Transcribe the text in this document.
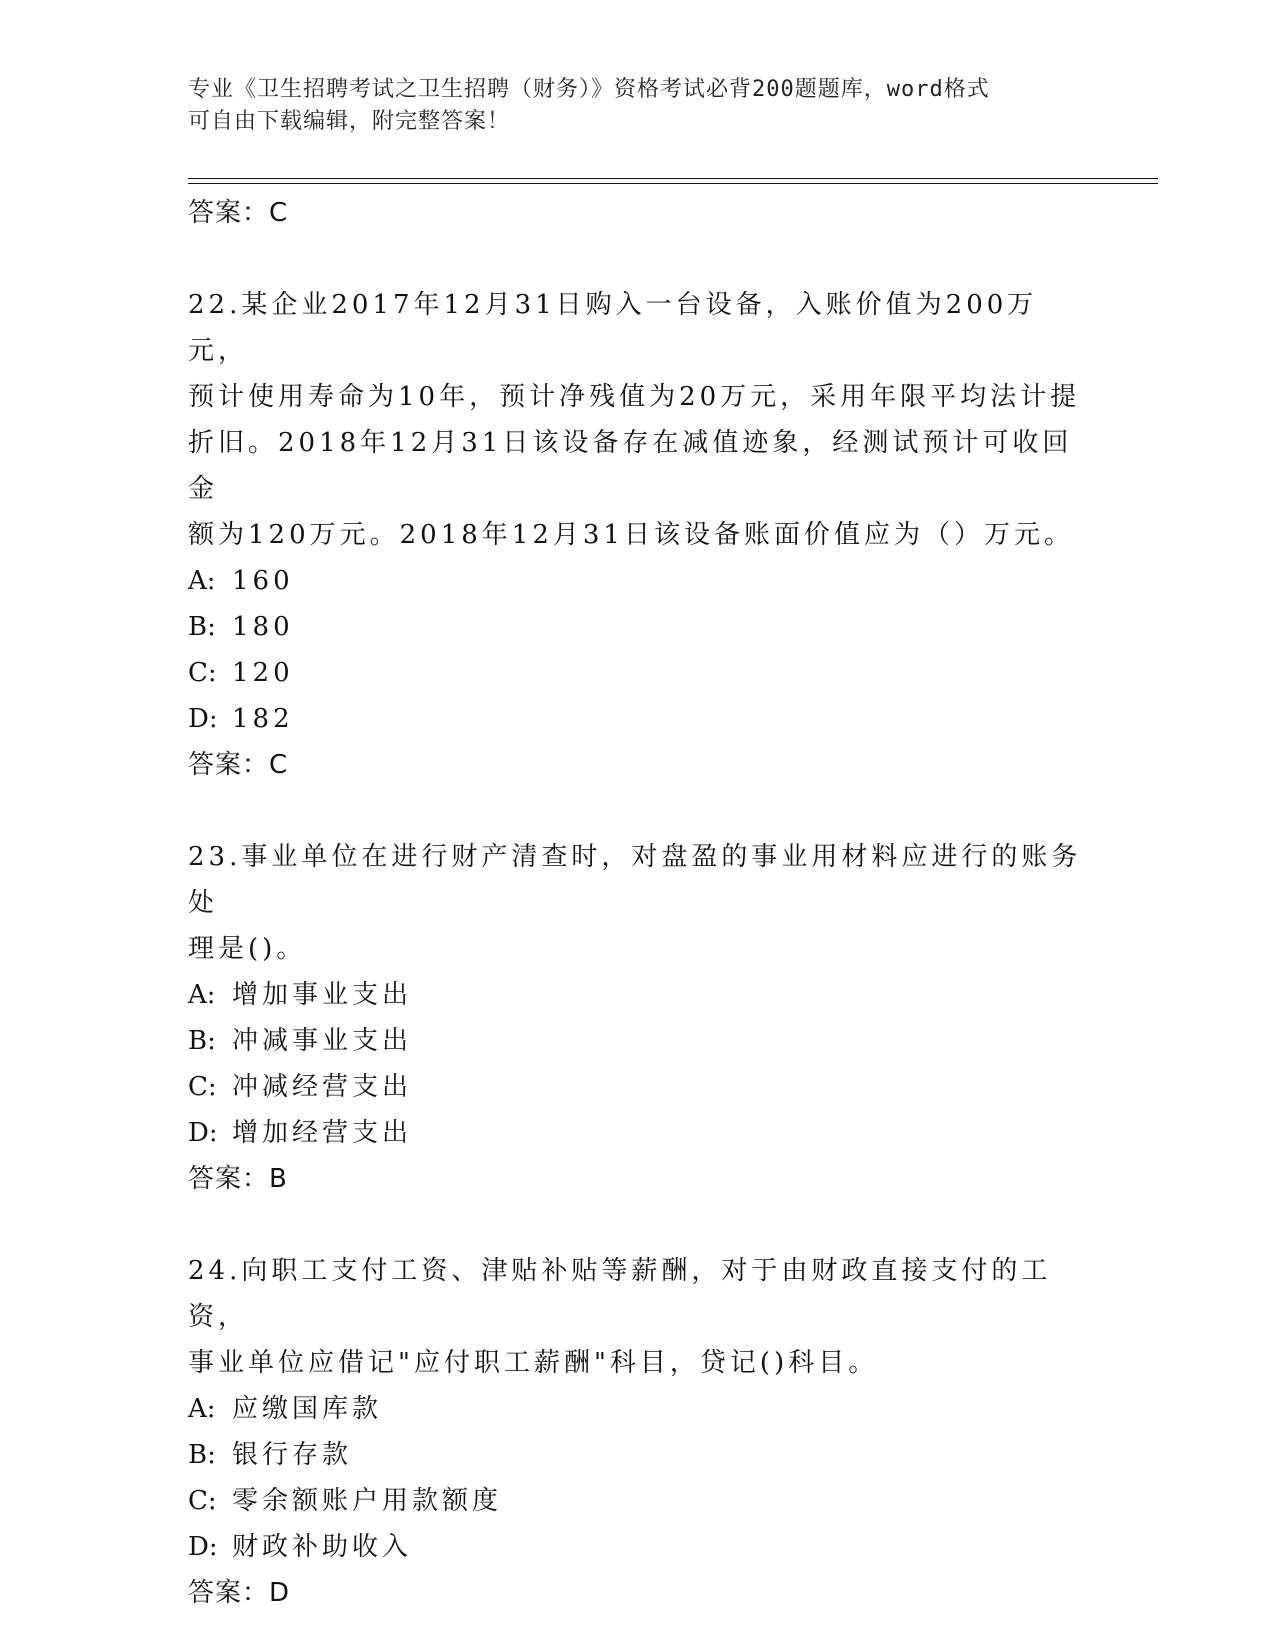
专业《卫生招聘考试之卫生招聘（财务）》资格考试必背200题题库，word格式
可自由下载编辑，附完整答案！
答案：C
22.某企业2017年12月31日购入一台设备，入账价值为200万元，
预计使用寿命为10年，预计净残值为20万元，采用年限平均法计提
折旧。2018年12月31日该设备存在减值迹象，经测试预计可收回金
额为120万元。2018年12月31日该设备账面价值应为（）万元。
A: 160
B: 180
C: 120
D: 182
答案：C
23.事业单位在进行财产清查时，对盘盈的事业用材料应进行的账务处
理是()。
A: 增加事业支出
B: 冲减事业支出
C: 冲减经营支出
D: 增加经营支出
答案：B
24.向职工支付工资、津贴补贴等薪酬，对于由财政直接支付的工资，
事业单位应借记"应付职工薪酬"科目，贷记()科目。
A: 应缴国库款
B: 银行存款
C: 零余额账户用款额度
D: 财政补助收入
答案：D
